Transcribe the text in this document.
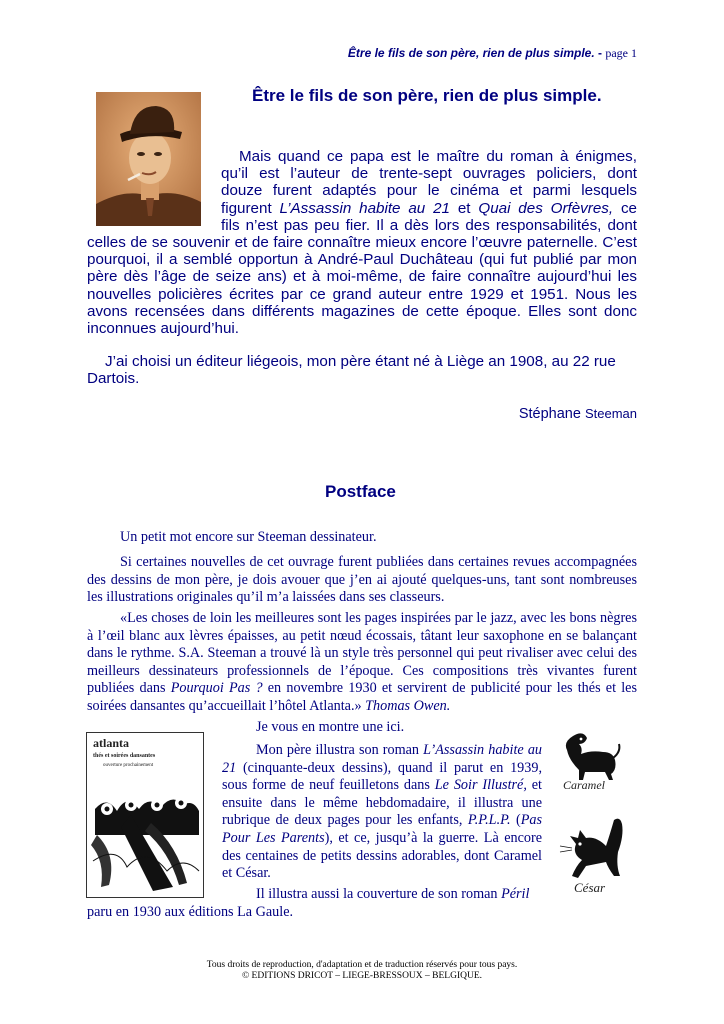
Être le fils de son père, rien de plus simple. - page 1
Être le fils de son père, rien de plus simple.
Mais quand ce papa est le maître du roman à énigmes,
qu’il est l’auteur de trente-sept ouvrages policiers, dont
douze furent adaptés pour le cinéma et parmi lesquels
figurent L’Assassin habite au 21 et Quai des Orfèvres, ce
fils n’est pas peu fier. Il a dès lors des responsabilités, dont
celles de se souvenir et de faire connaître mieux encore l’œuvre paternelle. C’est pourquoi, il a semblé opportun à André-Paul Duchâteau (qui fut publié par mon père dès l’âge de seize ans) et à moi-même, de faire connaître aujourd’hui les nouvelles policières écrites par ce grand auteur entre 1929 et 1951. Nous les avons recensées dans différents magazines de cette époque. Elles sont donc inconnues aujourd’hui.
J’ai choisi un éditeur liégeois, mon père étant né à Liège an 1908, au 22 rue Dartois.
Stéphane Steeman
Postface
Un petit mot encore sur Steeman dessinateur.
Si certaines nouvelles de cet ouvrage furent publiées dans certaines revues accompagnées des dessins de mon père, je dois avouer que j’en ai ajouté quelques-uns, tant sont nombreuses les illustrations originales qu’il m’a laissées dans ses classeurs.
«Les choses de loin les meilleures sont les pages inspirées par le jazz, avec les bons nègres à l’œil blanc aux lèvres épaisses, au petit nœud écossais, tâtant leur saxophone en se balançant dans le rythme. S.A. Steeman a trouvé là un style très personnel qui peut rivaliser avec celui des meilleurs dessinateurs professionnels de l’époque. Ces compositions très vivantes furent publiées dans Pourquoi Pas ? en novembre 1930 et servirent de publicité pour les thés et les soirées dansantes qu’accueillait l’hôtel Atlanta.» Thomas Owen.
atlanta
thés et soirées dansantes
ouverture prochainement
Je vous en montre une ici.
Mon père illustra son roman L’Assassin habite au 21 (cinquante-deux dessins), quand il parut en 1939, sous forme de neuf feuilletons dans Le Soir Illustré, et ensuite dans le même hebdomadaire, il illustra une rubrique de deux pages pour les enfants, P.P.L.P. (Pas Pour Les Parents), et ce, jusqu’à la guerre. Là encore des centaines de petits dessins adorables, dont Caramel et César.
Il illustra aussi la couverture de son roman Péril
paru en 1930 aux éditions La Gaule.
Caramel
César
Tous droits de reproduction, d'adaptation et de traduction réservés pour tous pays.
© EDITIONS DRICOT – LIEGE-BRESSOUX – BELGIQUE.
